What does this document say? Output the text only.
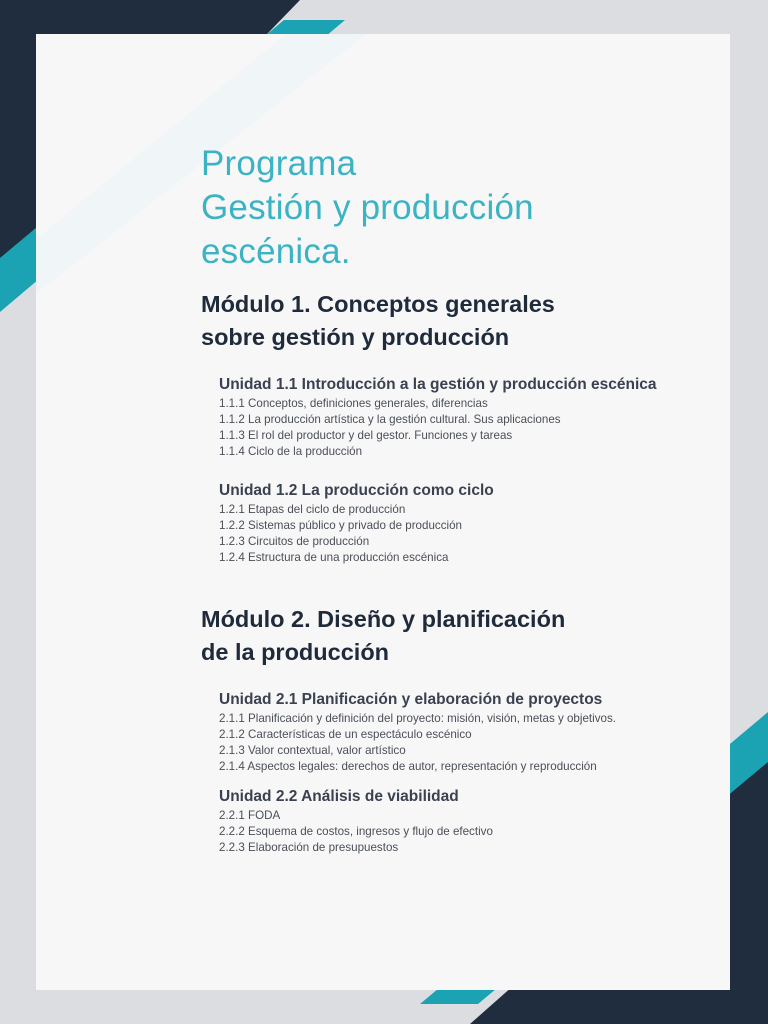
Programa
Gestión y producción
escénica.
Módulo 1. Conceptos generales
sobre gestión y producción
Unidad 1.1 Introducción a la gestión y producción escénica

1.1.1 Conceptos, definiciones generales, diferencias

1.1.2 La producción artística y la gestión cultural. Sus aplicaciones

1.1.3 El rol del productor y del gestor. Funciones y tareas

1.1.4 Ciclo de la producción

Unidad 1.2 La producción como ciclo

1.2.1 Etapas del ciclo de producción

1.2.2 Sistemas público y privado de producción

1.2.3 Circuitos de producción

1.2.4 Estructura de una producción escénica

Módulo 2. Diseño y planificación
de la producción
Unidad 2.1 Planificación y elaboración de proyectos

2.1.1 Planificación y definición del proyecto: misión, visión, metas y objetivos.

2.1.2 Características de un espectáculo escénico

2.1.3 Valor contextual, valor artístico

2.1.4 Aspectos legales: derechos de autor, representación y reproducción

Unidad 2.2 Análisis de viabilidad

2.2.1 FODA

2.2.2 Esquema de costos, ingresos y flujo de efectivo

2.2.3 Elaboración de presupuestos
